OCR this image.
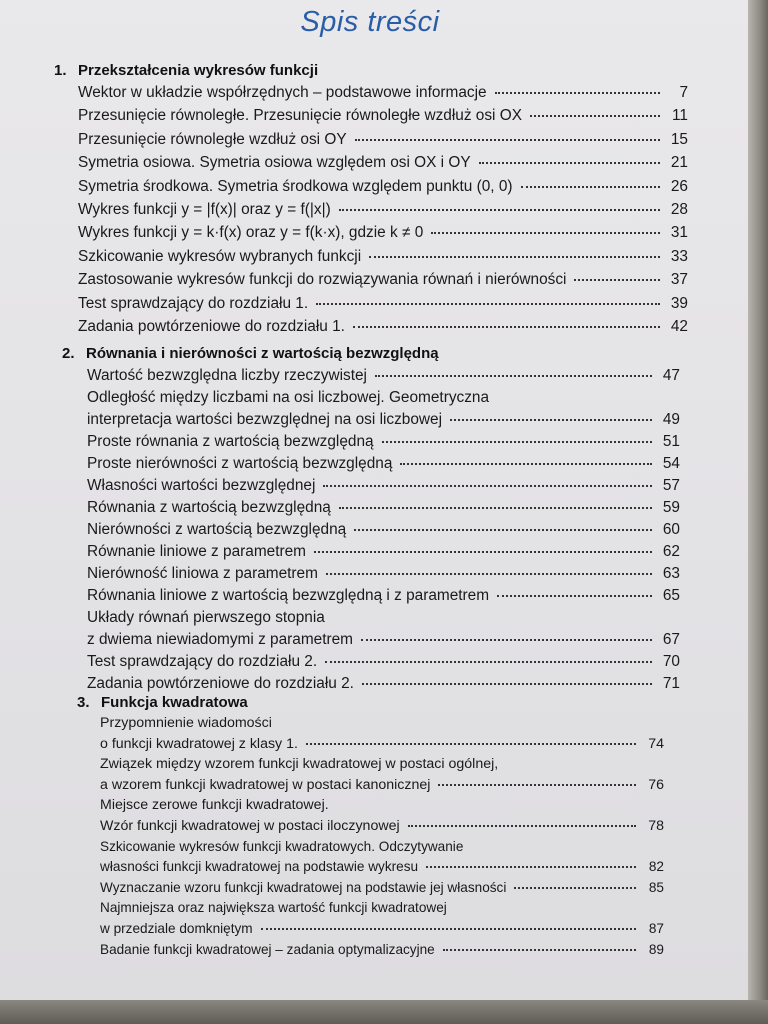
Spis treści
1. Przekształcenia wykresów funkcji
Wektor w układzie współrzędnych – podstawowe informacje	7
Przesunięcie równoległe. Przesunięcie równoległe wzdłuż osi OX	11
Przesunięcie równoległe wzdłuż osi OY	15
Symetria osiowa. Symetria osiowa względem osi OX i OY	21
Symetria środkowa. Symetria środkowa względem punktu (0, 0)	26
Wykres funkcji y = |f(x)| oraz y = f(|x|)	28
Wykres funkcji y = k·f(x) oraz y = f(k·x), gdzie k ≠ 0	31
Szkicowanie wykresów wybranych funkcji	33
Zastosowanie wykresów funkcji do rozwiązywania równań i nierówności	37
Test sprawdzający do rozdziału 1.	39
Zadania powtórzeniowe do rozdziału 1.	42
2. Równania i nierówności z wartością bezwzględną
Wartość bezwzględna liczby rzeczywistej	47
Odległość między liczbami na osi liczbowej. Geometryczna
interpretacja wartości bezwzględnej na osi liczbowej	49
Proste równania z wartością bezwzględną	51
Proste nierówności z wartością bezwzględną	54
Własności wartości bezwzględnej	57
Równania z wartością bezwzględną	59
Nierówności z wartością bezwzględną	60
Równanie liniowe z parametrem	62
Nierówność liniowa z parametrem	63
Równania liniowe z wartością bezwzględną i z parametrem	65
Układy równań pierwszego stopnia
z dwiema niewiadomymi z parametrem	67
Test sprawdzający do rozdziału 2.	70
Zadania powtórzeniowe do rozdziału 2.	71
3. Funkcja kwadratowa
Przypomnienie wiadomości
o funkcji kwadratowej z klasy 1.	74
Związek między wzorem funkcji kwadratowej w postaci ogólnej,
a wzorem funkcji kwadratowej w postaci kanonicznej	76
Miejsce zerowe funkcji kwadratowej.
Wzór funkcji kwadratowej w postaci iloczynowej	78
Szkicowanie wykresów funkcji kwadratowych. Odczytywanie
własności funkcji kwadratowej na podstawie wykresu	82
Wyznaczanie wzoru funkcji kwadratowej na podstawie jej własności	85
Najmniejsza oraz największa wartość funkcji kwadratowej
w przedziale domkniętym	87
Badanie funkcji kwadratowej – zadania optymalizacyjne	89
